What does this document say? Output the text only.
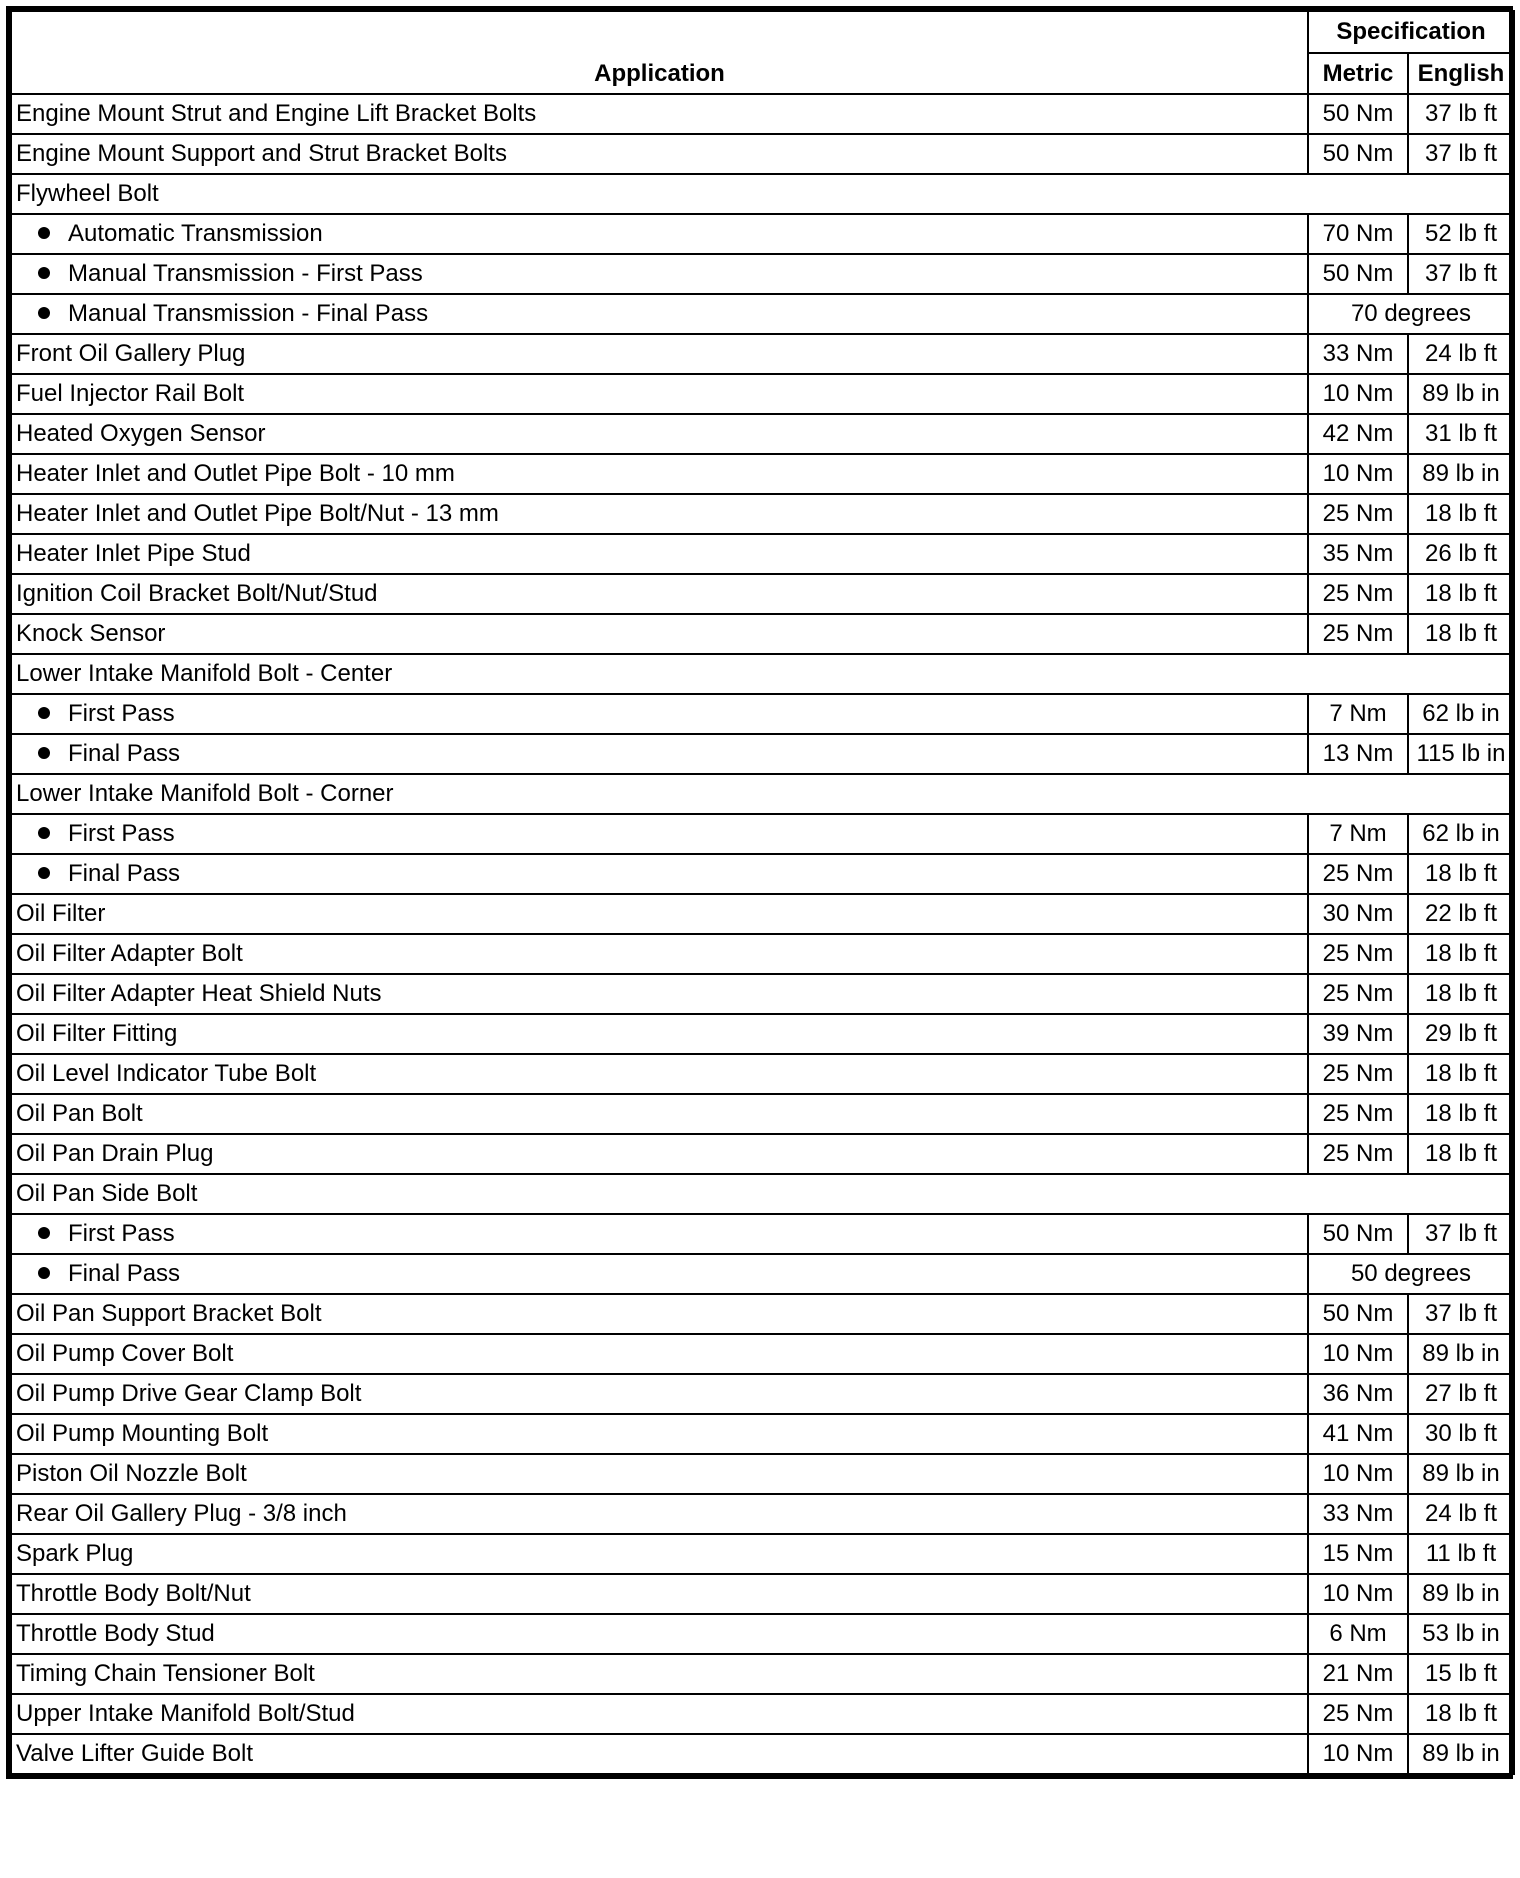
Application	Specification	
	Metric	English
Engine Mount Strut and Engine Lift Bracket Bolts	50 Nm	37 lb ft
Engine Mount Support and Strut Bracket Bolts	50 Nm	37 lb ft
Flywheel Bolt		
Automatic Transmission	70 Nm	52 lb ft
Manual Transmission - First Pass	50 Nm	37 lb ft
Manual Transmission - Final Pass	70 degrees	
Front Oil Gallery Plug	33 Nm	24 lb ft
Fuel Injector Rail Bolt	10 Nm	89 lb in
Heated Oxygen Sensor	42 Nm	31 lb ft
Heater Inlet and Outlet Pipe Bolt - 10 mm	10 Nm	89 lb in
Heater Inlet and Outlet Pipe Bolt/Nut - 13 mm	25 Nm	18 lb ft
Heater Inlet Pipe Stud	35 Nm	26 lb ft
Ignition Coil Bracket Bolt/Nut/Stud	25 Nm	18 lb ft
Knock Sensor	25 Nm	18 lb ft
Lower Intake Manifold Bolt - Center		
First Pass	7 Nm	62 lb in
Final Pass	13 Nm	115 lb in
Lower Intake Manifold Bolt - Corner		
First Pass	7 Nm	62 lb in
Final Pass	25 Nm	18 lb ft
Oil Filter	30 Nm	22 lb ft
Oil Filter Adapter Bolt	25 Nm	18 lb ft
Oil Filter Adapter Heat Shield Nuts	25 Nm	18 lb ft
Oil Filter Fitting	39 Nm	29 lb ft
Oil Level Indicator Tube Bolt	25 Nm	18 lb ft
Oil Pan Bolt	25 Nm	18 lb ft
Oil Pan Drain Plug	25 Nm	18 lb ft
Oil Pan Side Bolt		
First Pass	50 Nm	37 lb ft
Final Pass	50 degrees	
Oil Pan Support Bracket Bolt	50 Nm	37 lb ft
Oil Pump Cover Bolt	10 Nm	89 lb in
Oil Pump Drive Gear Clamp Bolt	36 Nm	27 lb ft
Oil Pump Mounting Bolt	41 Nm	30 lb ft
Piston Oil Nozzle Bolt	10 Nm	89 lb in
Rear Oil Gallery Plug - 3/8 inch	33 Nm	24 lb ft
Spark Plug	15 Nm	11 lb ft
Throttle Body Bolt/Nut	10 Nm	89 lb in
Throttle Body Stud	6 Nm	53 lb in
Timing Chain Tensioner Bolt	21 Nm	15 lb ft
Upper Intake Manifold Bolt/Stud	25 Nm	18 lb ft
Valve Lifter Guide Bolt	10 Nm	89 lb in
